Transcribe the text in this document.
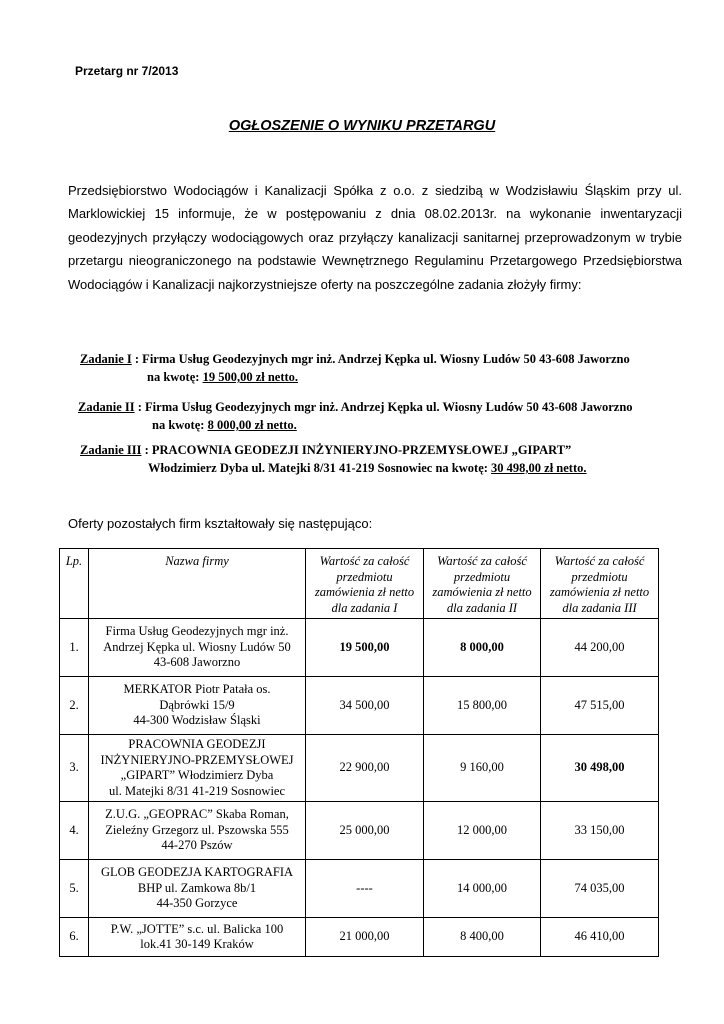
Przetarg nr 7/2013
OGŁOSZENIE O WYNIKU PRZETARGU

Przedsiębiorstwo Wodociągów i Kanalizacji Spółka z o.o. z siedzibą w Wodzisławiu Śląskim przy ul. Marklowickiej 15 informuje, że w postępowaniu z dnia 08.02.2013r. na wykonanie inwentaryzacji geodezyjnych przyłączy wodociągowych oraz przyłączy kanalizacji sanitarnej przeprowadzonym w trybie przetargu nieograniczonego na podstawie Wewnętrznego Regulaminu Przetargowego Przedsiębiorstwa Wodociągów i Kanalizacji najkorzystniejsze oferty na poszczególne zadania złożyły firmy:

Zadanie I : Firma Usług Geodezyjnych mgr inż. Andrzej Kępka ul. Wiosny Ludów 50 43-608 Jaworzno
na kwotę: 19 500,00 zł netto.
Zadanie II : Firma Usług Geodezyjnych mgr inż. Andrzej Kępka ul. Wiosny Ludów 50 43-608 Jaworzno
na kwotę: 8 000,00 zł netto.
Zadanie III : PRACOWNIA GEODEZJI INŻYNIERYJNO-PRZEMYSŁOWEJ „GIPART”
Włodzimierz Dyba ul. Matejki 8/31 41-219 Sosnowiec na kwotę: 30 498,00 zł netto.
Oferty pozostałych firm kształtowały się następująco:
Lp.	Nazwa firmy	Wartość za całość przedmiotu zamówienia zł netto dla zadania I	Wartość za całość przedmiotu zamówienia zł netto dla zadania II	Wartość za całość przedmiotu zamówienia zł netto dla zadania III
1.	Firma Usług Geodezyjnych mgr inż.
Andrzej Kępka ul. Wiosny Ludów 50
43-608 Jaworzno	19 500,00	8 000,00	44 200,00
2.	MERKATOR Piotr Patała os.
Dąbrówki 15/9
44-300 Wodzisław Śląski	34 500,00	15 800,00	47 515,00
3.	PRACOWNIA GEODEZJI
INŻYNIERYJNO-PRZEMYSŁOWEJ
„GIPART” Włodzimierz Dyba
ul. Matejki 8/31 41-219 Sosnowiec	22 900,00	9 160,00	30 498,00
4.	Z.U.G. „GEOPRAC” Skaba Roman,
Zieleźny Grzegorz ul. Pszowska 555
44-270 Pszów	25 000,00	12 000,00	33 150,00
5.	GLOB GEODEZJA KARTOGRAFIA
BHP ul. Zamkowa 8b/1
44-350 Gorzyce	----	14 000,00	74 035,00
6.	P.W. „JOTTE” s.c. ul. Balicka 100
lok.41 30-149 Kraków	21 000,00	8 400,00	46 410,00
